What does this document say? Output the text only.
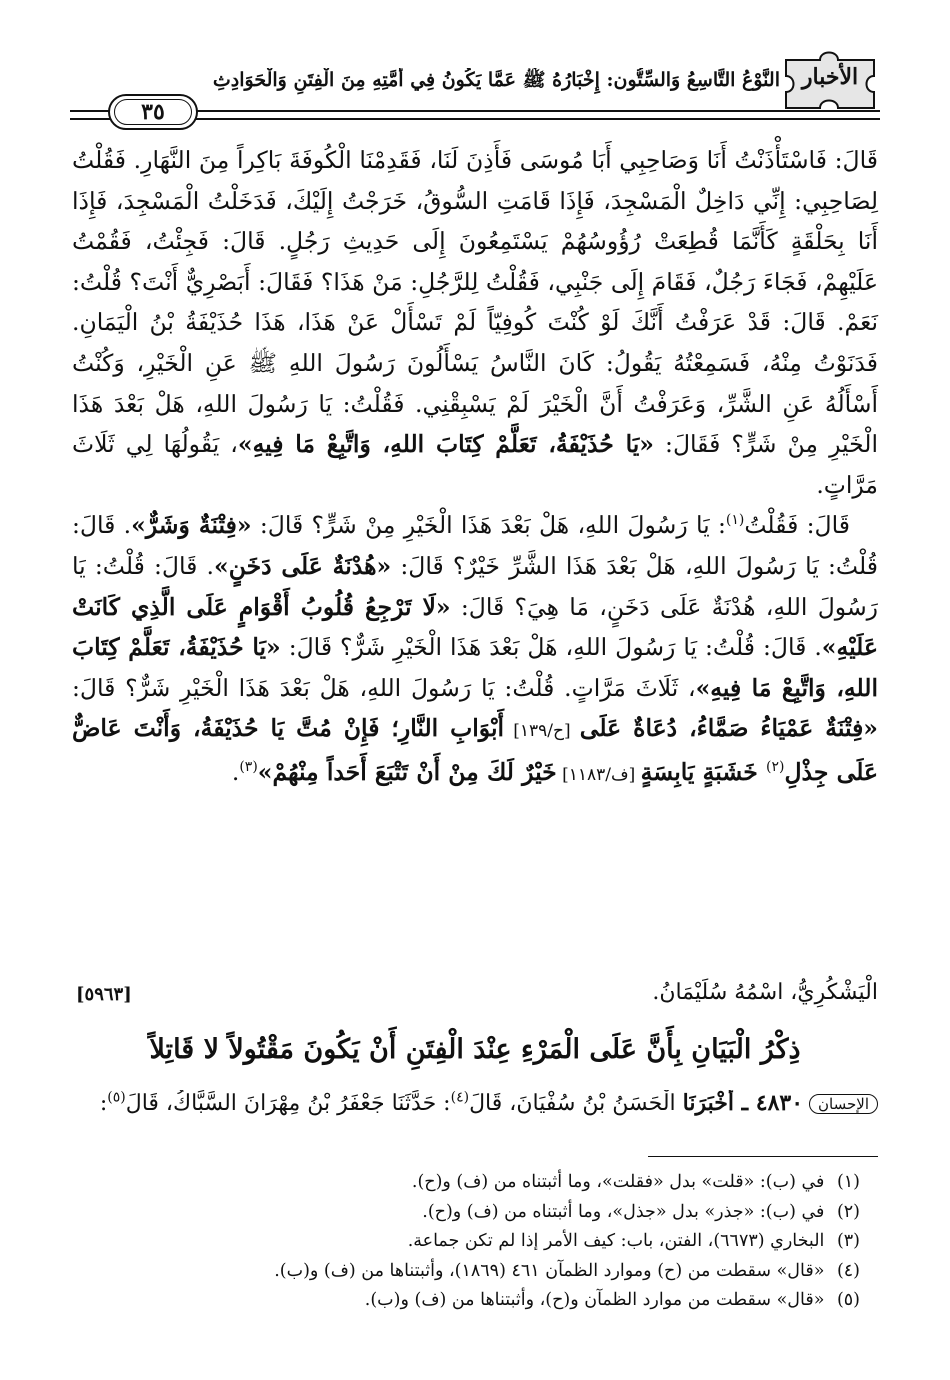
الأخبار
النَّوْعُ التَّاسِعُ وَالسِّتُّون: إِخْبَارُهُ ﷺ عَمَّا يَكُونُ فِي أُمَّتِهِ مِنَ الْفِتَنِ وَالْحَوَادِثِ
٣٥

قَالَ: فَاسْتَأْذَنْتُ أَنَا وَصَاحِبِي أَبَا مُوسَى فَأَذِنَ لَنَا، فَقَدِمْنَا الْكُوفَةَ بَاكِراً مِنَ النَّهَارِ. فَقُلْتُ لِصَاحِبِي: إِنِّي دَاخِلٌ الْمَسْجِدَ، فَإِذَا قَامَتِ السُّوقُ، خَرَجْتُ إِلَيْكَ، فَدَخَلْتُ الْمَسْجِدَ، فَإِذَا أَنَا بِحَلْقَةٍ كَأَنَّمَا قُطِعَتْ رُؤُوسُهُمْ يَسْتَمِعُونَ إِلَى حَدِيثِ رَجُلٍ. قَالَ: فَجِئْتُ، فَقُمْتُ عَلَيْهِمْ، فَجَاءَ رَجُلٌ، فَقَامَ إِلَى جَنْبِي، فَقُلْتُ لِلرَّجُلِ: مَنْ هَذَا؟ فَقَالَ: أَبَصْرِيٌّ أَنْتَ؟ قُلْتُ: نَعَمْ. قَالَ: قَدْ عَرَفْتُ أَنَّكَ لَوْ كُنْتَ كُوفِيّاً لَمْ تَسْأَلْ عَنْ هَذَا، هَذَا حُذَيْفَةُ بْنُ الْيَمَانِ. فَدَنَوْتُ مِنْهُ، فَسَمِعْتُهُ يَقُولُ: كَانَ النَّاسُ يَسْأَلُونَ رَسُولَ اللهِ ﷺ عَنِ الْخَيْرِ، وَكُنْتُ أَسْأَلُهُ عَنِ الشَّرِّ، وَعَرَفْتُ أَنَّ الْخَيْرَ لَمْ يَسْبِقْنِي. فَقُلْتُ: يَا رَسُولَ اللهِ، هَلْ بَعْدَ هَذَا الْخَيْرِ مِنْ شَرٍّ؟ فَقَالَ: «يَا حُذَيْفَةُ، تَعَلَّمْ كِتَابَ اللهِ، وَاتَّبِعْ مَا فِيهِ»، يَقُولُهَا لِي ثَلَاثَ مَرَّاتٍ.

قَالَ: فَقُلْتُ$^{(١)}$: يَا رَسُولَ اللهِ، هَلْ بَعْدَ هَذَا الْخَيْرِ مِنْ شَرٍّ؟ قَالَ: «فِتْنَةٌ وَشَرٌّ». قَالَ: قُلْتُ: يَا رَسُولَ اللهِ، هَلْ بَعْدَ هَذَا الشَّرِّ خَيْرٌ؟ قَالَ: «هُدْنَةٌ عَلَى دَخَنٍ». قَالَ: قُلْتُ: يَا رَسُولَ اللهِ، هُدْنَةٌ عَلَى دَخَنٍ، مَا هِيَ؟ قَالَ: «لَا تَرْجِعُ قُلُوبُ أَقْوَامٍ عَلَى الَّذِي كَانَتْ عَلَيْهِ». قَالَ: قُلْتُ: يَا رَسُولَ اللهِ، هَلْ بَعْدَ هَذَا الْخَيْرِ شَرٌّ؟ قَالَ: «يَا حُذَيْفَةُ، تَعَلَّمْ كِتَابَ اللهِ، وَاتَّبِعْ مَا فِيهِ»، ثَلَاثَ مَرَّاتٍ. قُلْتُ: يَا رَسُولَ اللهِ، هَلْ بَعْدَ هَذَا الْخَيْرِ شَرٌّ؟ قَالَ: «فِتْنَةٌ عَمْيَاءُ صَمَّاءُ، دُعَاةٌ عَلَى [ح/١٣٩] أَبْوَابِ النَّارِ؛ فَإِنْ مُتَّ يَا حُذَيْفَةُ، وَأَنْتَ عَاضٌّ عَلَى جِذْلِ$^{(٢)}$ خَشَبَةٍ يَابِسَةٍ [ف/١١٨٣] خَيْرٌ لَكَ مِنْ أَنْ تَتْبَعَ أَحَداً مِنْهُمْ»$^{(٣)}$.

الْيَشْكُرِيُّ، اسْمُهُ سُلَيْمَانُ.
[٥٩٦٣]
ذِكْرُ الْبَيَانِ بِأَنَّ عَلَى الْمَرْءِ عِنْدَ الْفِتَنِ أَنْ يَكُونَ مَقْتُولاً لا قَاتِلاً
الإحسان٤٨٣٠ ـ أَخْبَرَنَا الْحَسَنُ بْنُ سُفْيَانَ، قَالَ$^{(٤)}$: حَدَّثَنَا جَعْفَرُ بْنُ مِهْرَانَ السَّبَّاكُ، قَالَ$^{(٥)}$:
(١) في (ب): «قلت» بدل «فقلت»، وما أثبتناه من (ف) و(ح).
(٢) في (ب): «جذر» بدل «جذل»، وما أثبتناه من (ف) و(ح).
(٣) البخاري (٦٦٧٣)، الفتن، باب: كيف الأمر إذا لم تكن جماعة.
(٤) «قال» سقطت من (ح) وموارد الظمآن ٤٦١ (١٨٦٩)، وأثبتناها من (ف) و(ب).
(٥) «قال» سقطت من موارد الظمآن و(ح)، وأثبتناها من (ف) و(ب).
